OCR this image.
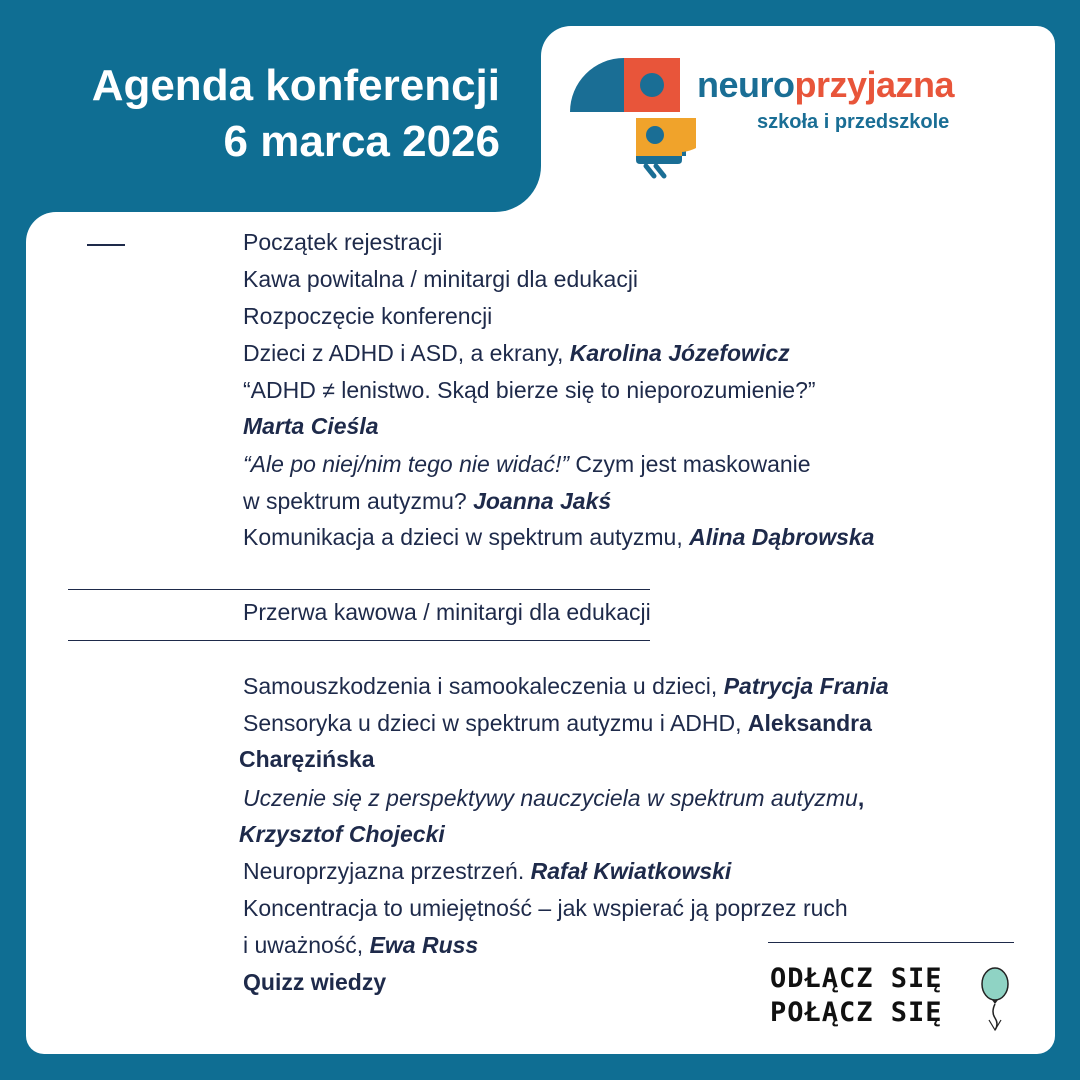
Agenda konferencji
6 marca 2026
neuroprzyjazna
szkoła i przedszkole
Początek rejestracji
Kawa powitalna / minitargi dla edukacji
Rozpoczęcie konferencji
Dzieci z ADHD i ASD, a ekrany, Karolina Józefowicz
“ADHD ≠ lenistwo. Skąd bierze się to nieporozumienie?”
Marta Cieśla
“Ale po niej/nim tego nie widać!” Czym jest maskowanie
w spektrum autyzmu? Joanna Jakś
Komunikacja a dzieci w spektrum autyzmu, Alina Dąbrowska
Przerwa kawowa / minitargi dla edukacji
Samouszkodzenia i samookaleczenia u dzieci, Patrycja Frania
Sensoryka u dzieci w spektrum autyzmu i ADHD, Aleksandra
Charęzińska
Uczenie się z perspektywy nauczyciela w spektrum autyzmu,
Krzysztof Chojecki
Neuroprzyjazna przestrzeń. Rafał Kwiatkowski
Koncentracja to umiejętność – jak wspierać ją poprzez ruch
i uważność, Ewa Russ
Quizz wiedzy	ODŁĄCZ SIĘ
POŁĄCZ SIĘ
